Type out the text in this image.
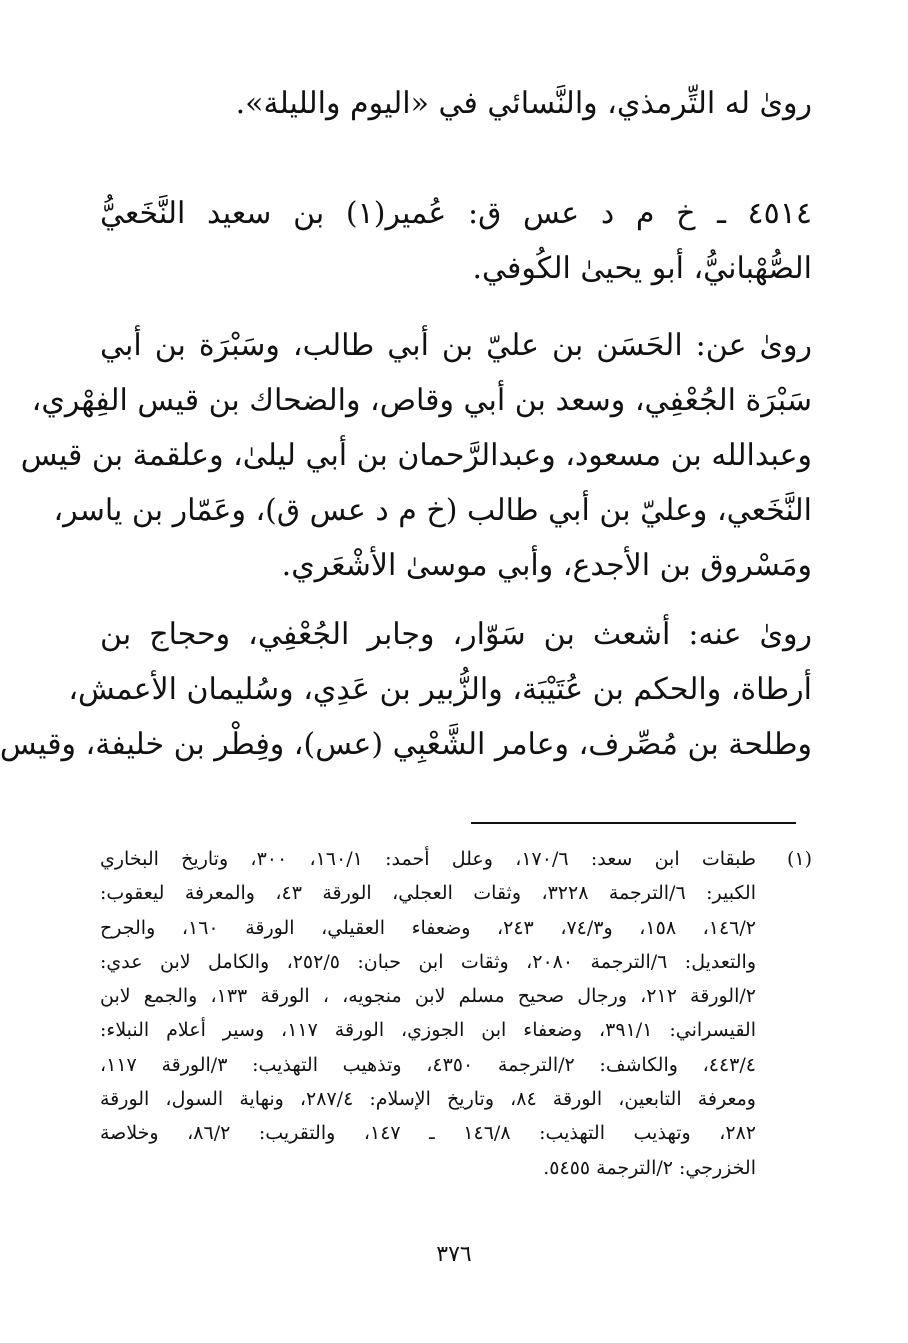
روىٰ له التِّرمذي، والنَّسائي في «اليوم والليلة».

٤٥١٤ ـ خ م د عس ق: عُمير(١) بن سعيد النَّخَعيُّ
الصُّهْبانيُّ، أبو يحيىٰ الكُوفي.

روىٰ عن: الحَسَن بن عليّ بن أبي طالب، وسَبْرَة بن أبي
سَبْرَة الجُعْفِي، وسعد بن أبي وقاص، والضحاك بن قيس الفِهْري،
وعبدالله بن مسعود، وعبدالرَّحمان بن أبي ليلىٰ، وعلقمة بن قيس
النَّخَعي، وعليّ بن أبي طالب (خ م د عس ق)، وعَمّار بن ياسر،
ومَسْروق بن الأجدع، وأبي موسىٰ الأشْعَري.

روىٰ عنه: أشعث بن سَوّار، وجابر الجُعْفِي، وحجاج بن
أرطاة، والحكم بن عُتَيْبَة، والزُّبير بن عَدِي، وسُليمان الأعمش،
وطلحة بن مُصِّرف، وعامر الشَّعْبِي (عس)، وفِطْر بن خليفة، وقيس

(١)
طبقات ابن سعد: ١٧٠/٦، وعلل أحمد: ١٦٠/١، ٣٠٠، وتاريخ البخاري
الكبير: ٦/الترجمة ٣٢٢٨، وثقات العجلي، الورقة ٤٣، والمعرفة ليعقوب:
١٤٦/٢، ١٥٨، و٧٤/٣، ٢٤٣، وضعفاء العقيلي، الورقة ١٦٠، والجرح
والتعديل: ٦/الترجمة ٢٠٨٠، وثقات ابن حبان: ٢٥٢/٥، والكامل لابن عدي:
٢/الورقة ٢١٢، ورجال صحيح مسلم لابن منجويه، ، الورقة ١٣٣، والجمع لابن
القيسراني: ٣٩١/١، وضعفاء ابن الجوزي، الورقة ١١٧، وسير أعلام النبلاء:
٤٤٣/٤، والكاشف: ٢/الترجمة ٤٣٥٠، وتذهيب التهذيب: ٣/الورقة ١١٧،
ومعرفة التابعين، الورقة ٨٤، وتاريخ الإسلام: ٢٨٧/٤، ونهاية السول، الورقة
٢٨٢، وتهذيب التهذيب: ١٤٦/٨ ـ ١٤٧، والتقريب: ٨٦/٢، وخلاصة
الخزرجي: ٢/الترجمة ٥٤٥٥.
٣٧٦
